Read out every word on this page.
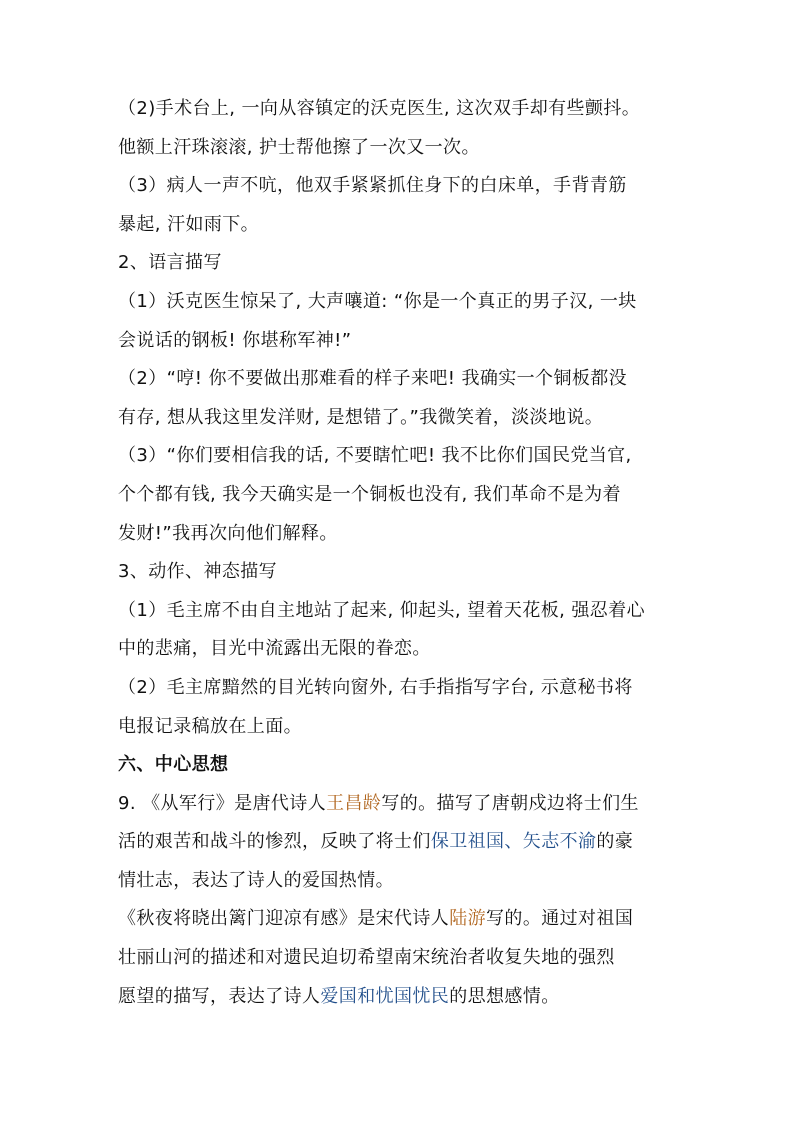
（2)手术台上, 一向从容镇定的沃克医生, 这次双手却有些颤抖。
他额上汗珠滚滚, 护士帮他擦了一次又一次。
（3）病人一声不吭，他双手紧紧抓住身下的白床单，手背青筋
暴起, 汗如雨下。
2、语言描写
（1）沃克医生惊呆了, 大声嚷道: “你是一个真正的男子汉, 一块
会说话的钢板! 你堪称军神!”
（2）“哼! 你不要做出那难看的样子来吧! 我确实一个铜板都没
有存, 想从我这里发洋财, 是想错了。”我微笑着，淡淡地说。
（3）“你们要相信我的话, 不要瞎忙吧! 我不比你们国民党当官,
个个都有钱, 我今天确实是一个铜板也没有, 我们革命不是为着
发财!”我再次向他们解释。
3、动作、神态描写
（1）毛主席不由自主地站了起来, 仰起头, 望着天花板, 强忍着心
中的悲痛，目光中流露出无限的眷恋。
（2）毛主席黯然的目光转向窗外, 右手指指写字台, 示意秘书将
电报记录稿放在上面。
六、中心思想
9. 《从军行》是唐代诗人王昌龄写的。描写了唐朝戍边将士们生
活的艰苦和战斗的惨烈，反映了将士们保卫祖国、矢志不渝的豪
情壮志，表达了诗人的爱国热情。
《秋夜将晓出篱门迎凉有感》是宋代诗人陆游写的。通过对祖国
壮丽山河的描述和对遗民迫切希望南宋统治者收复失地的强烈
愿望的描写，表达了诗人爱国和忧国忧民的思想感情。
